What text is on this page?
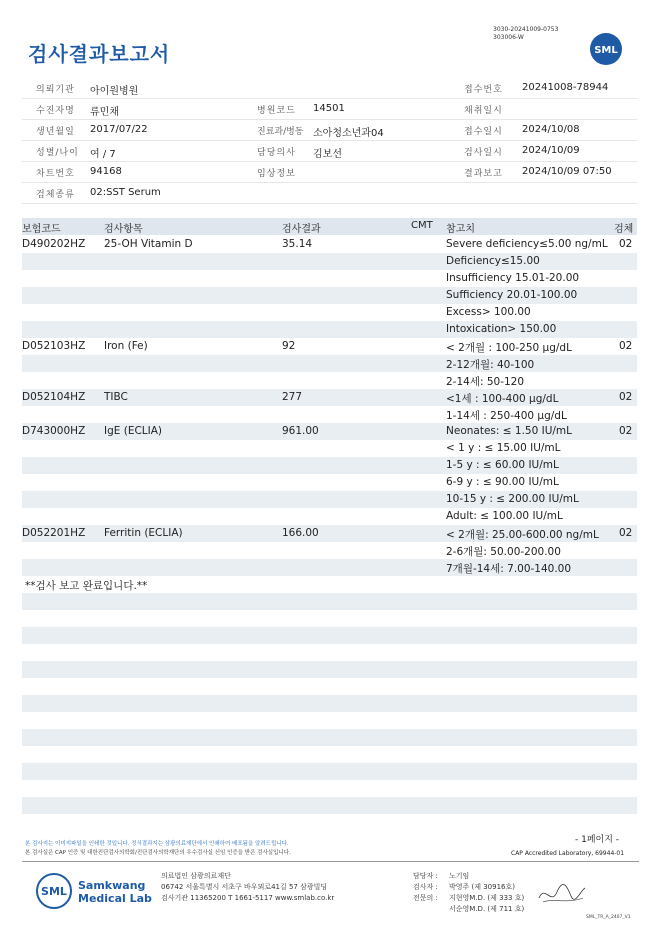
검사결과보고서
3030-20241009-0753
303006-W
SML
의뢰기관 아이원병원	접수번호 20241008-78944
수진자명 류민채	병원코드 14501	채취일시
생년월일 2017/07/22	진료과/병동 소아청소년과04	접수일시 2024/10/08
성별/나이 여 / 7	담당의사 김보선	검사일시 2024/10/09
차트번호 94168	임상정보	결과보고 2024/10/09 07:50
검체종류 02:SST Serum
보험코드	검사항목	검사결과	CMT 참고치	검체
D490202HZ 25-OH Vitamin D	35.14	Severe deficiency≤5.00 ng/mL 02
Deficiency≤15.00
Insufficiency 15.01-20.00
Sufficiency 20.01-100.00
Excess> 100.00
Intoxication> 150.00
D052103HZ Iron (Fe)	92	< 2개월 : 100-250 μg/dL	02
2-12개월: 40-100
2-14세: 50-120
D052104HZ TIBC	277	<1세 : 100-400 μg/dL	02
1-14세 : 250-400 μg/dL
D743000HZ IgE (ECLIA)	961.00	Neonates: ≤ 1.50 IU/mL	02
< 1 y : ≤ 15.00 IU/mL
1-5 y : ≤ 60.00 IU/mL
6-9 y : ≤ 90.00 IU/mL
10-15 y : ≤ 200.00 IU/mL
Adult: ≤ 100.00 IU/mL
D052201HZ Ferritin (ECLIA)	166.00	< 2개월: 25.00-600.00 ng/mL 02
2-6개월: 50.00-200.00
7개월-14세: 7.00-140.00
**검사 보고 완료입니다.**
- 1페이지 -
본 검사지는 이미지파일을 인쇄한 것입니다. 정식결과지는 삼광의료재단에서 인쇄하여 배포됨을 알려드립니다.
본 검사실은 CAP 인증 및 대한진단검사의학회/진단검사의학재단의 우수검사실 신임 인증을 받은 검사실입니다.	CAP Accredited Laboratory, 69944-01
SML Samkwang
Medical Lab
의료법인 삼광의료재단
06742 서울특별시 서초구 바우뫼로41길 57 삼광빌딩
검사기관 11365200 T 1661-5117 www.smlab.co.kr
담당자 : 노기임
검사자 : 박영주 (제 30916호)
전문의 : 지현영M.D. (제 333 호)
서순영M.D. (제 711 호)
SML_TR_A_2407_V1
